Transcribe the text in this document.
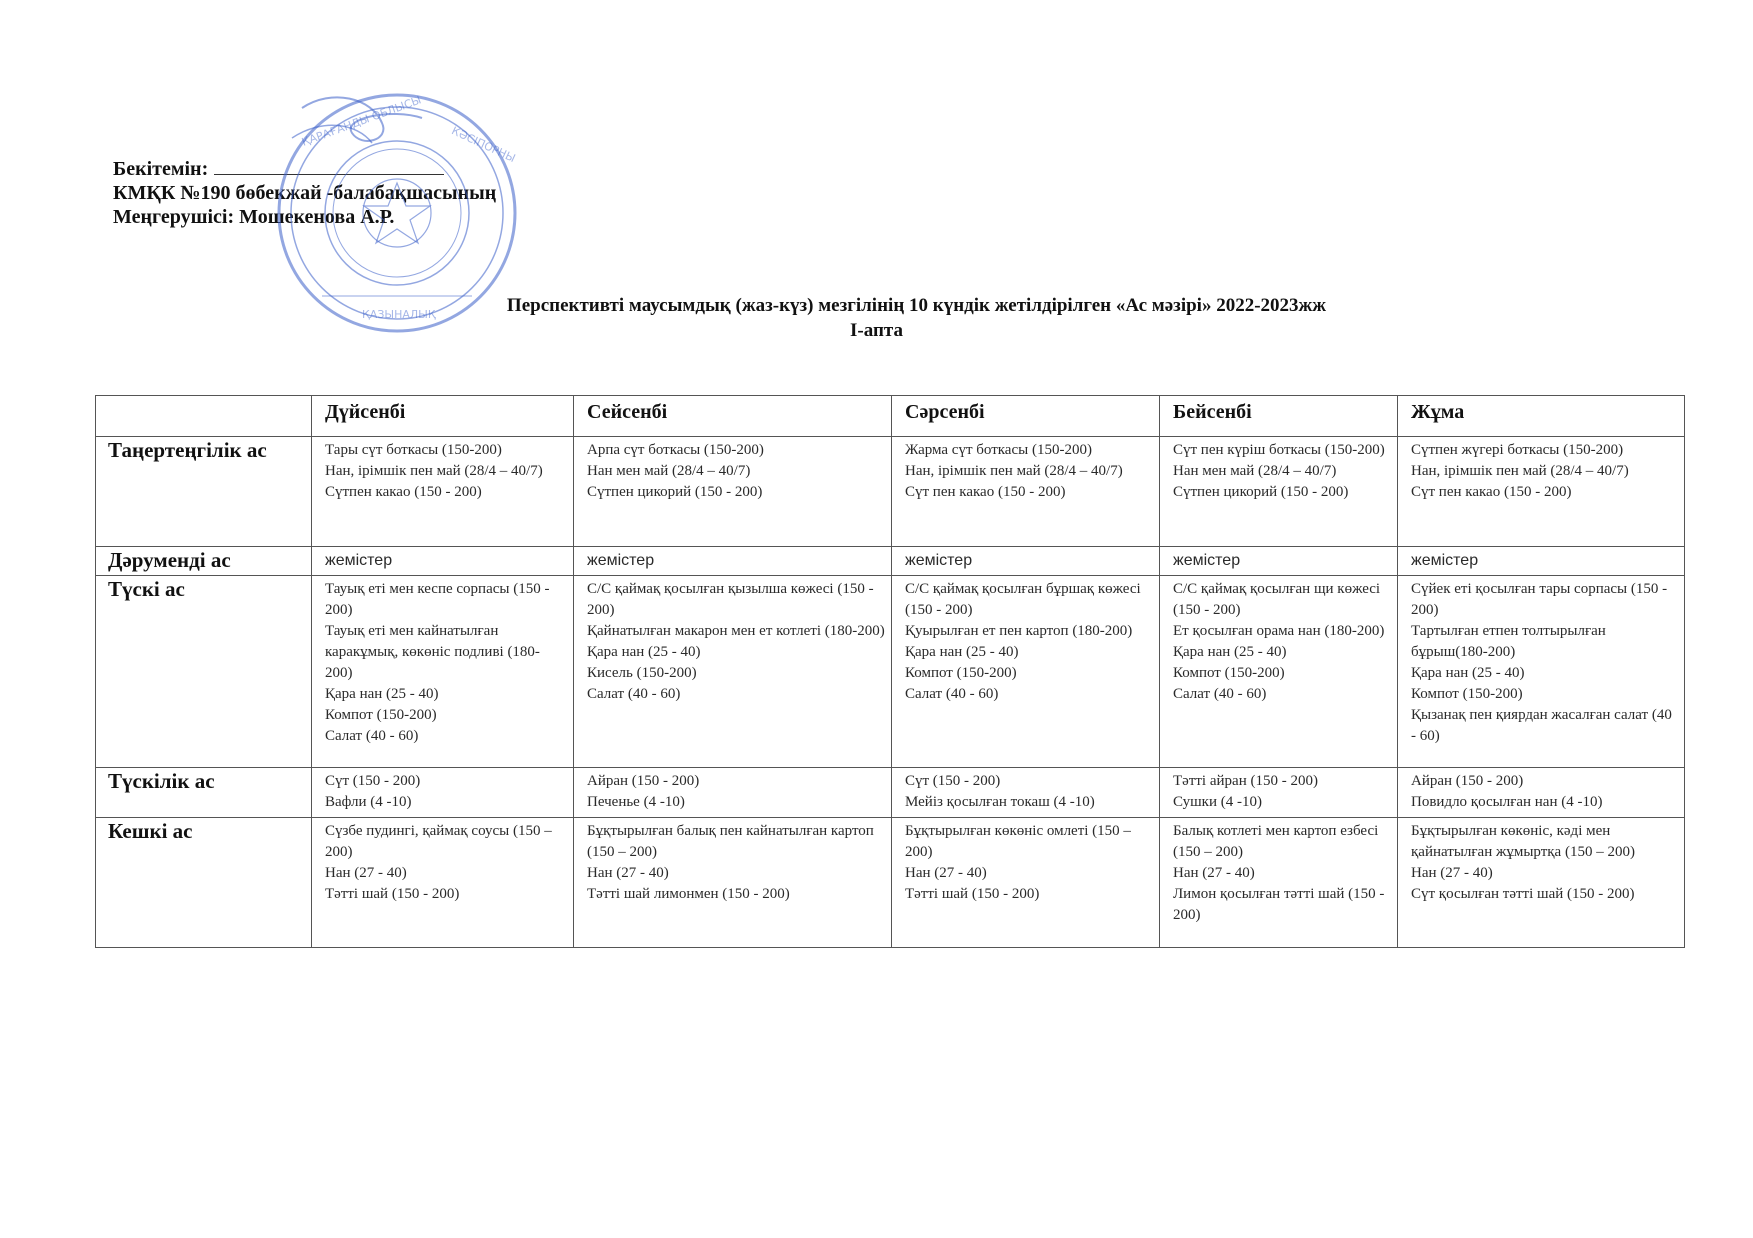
Бекітемін:
КМҚК №190 бөбекжай -балабақшасының
Меңгерушісі: Мошекенова А.Р.
ҚАРАҒАНДЫ ОБЛЫСЫ КӘСІПОРНЫ
ҚАЗЫНАЛЫҚ	Перспективті маусымдық (жаз-күз) мезгілінің 10 күндік жетілдірілген «Ас мәзірі» 2022-2023жж
І-апта
	Дүйсенбі	Сейсенбі	Сәрсенбі	Бейсенбі	Жұма
Таңертеңгілік ас	Тары сүт боткасы (150-200)
Нан, ірімшік пен май (28/4 – 40/7)
Сүтпен какао (150 - 200)	Арпа сүт боткасы (150-200)
Нан мен май (28/4 – 40/7)
Сүтпен цикорий (150 - 200)	Жарма сүт боткасы (150-200)
Нан, ірімшік пен май (28/4 – 40/7)
Сүт пен какао (150 - 200)	Сүт пен күріш боткасы (150-200)
Нан мен май (28/4 – 40/7)
Сүтпен цикорий (150 - 200)	Сүтпен жүгері боткасы (150-200)
Нан, ірімшік пен май (28/4 – 40/7)
Сүт пен какао (150 - 200)

Дәруменді ас	жемістер	жемістер	жемістер	жемістер	жемістер

Түскі ас	Тауық еті мен кеспе сорпасы (150 - 200)
Тауық еті мен кайнатылған каракұмық, көкөніс подливі (180-200)
Қара нан (25 - 40)
Компот (150-200)
Салат (40 - 60)	С/С қаймақ қосылған қызылша көжесі (150 - 200)
Қайнатылған макарон мен ет котлеті (180-200)
Қара нан (25 - 40)
Кисель (150-200)
Салат (40 - 60)	С/С қаймақ қосылған бұршақ көжесі (150 - 200)
Қуырылған ет пен картоп (180-200)
Қара нан (25 - 40)
Компот (150-200)
Салат (40 - 60)	С/С қаймақ қосылған щи көжесі (150 - 200)
Ет қосылған орама нан (180-200)
Қара нан (25 - 40)
Компот (150-200)
Салат (40 - 60)	Сүйек еті қосылған тары сорпасы (150 - 200)
Тартылған етпен толтырылған бұрыш(180-200)
Қара нан (25 - 40)
Компот (150-200)
Қызанақ пен қиярдан жасалған салат (40 - 60)

Түскілік ас	Сүт (150 - 200)
Вафли (4 -10)	Айран (150 - 200)
Печенье (4 -10)	Сүт (150 - 200)
Мейіз қосылған токаш (4 -10)	Тәтті айран (150 - 200)
Сушки (4 -10)	Айран (150 - 200)
Повидло қосылған нан (4 -10)

Кешкі ас	Сүзбе пудингі, қаймақ соусы (150 – 200)
Нан (27 - 40)
Тәтті шай (150 - 200)	Бұқтырылған балық пен кайнатылған картоп (150 – 200)
Нан (27 - 40)
Тәтті шай лимонмен (150 - 200)	Бұқтырылған көкөніс омлеті (150 – 200)
Нан (27 - 40)
Тәтті шай (150 - 200)	Балық котлеті мен картоп езбесі (150 – 200)
Нан (27 - 40)
Лимон қосылған тәтті шай (150 - 200)	Бұқтырылған көкөніс, кәді мен қайнатылған жұмыртқа (150 – 200)
Нан (27 - 40)
Сүт қосылған тәтті шай (150 - 200)
